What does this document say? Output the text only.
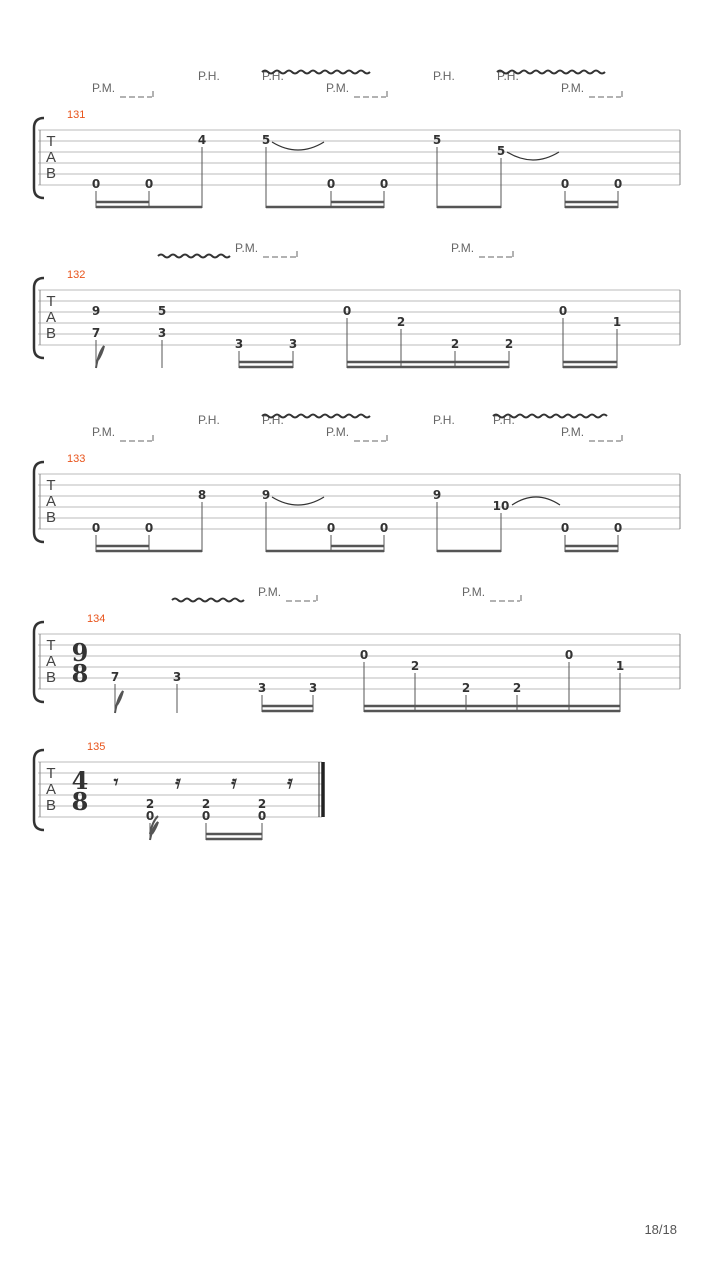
131
P.M.
P.H.	P.H.
P.M.
P.H.	P.H.
P.M.
T
A
B
0	0
4	5
0	0
5
5
0	0
132
P.M.	P.M.
T
A
B
9
7
5
3
3	3
0
2
2	2
0
1
133
P.M.
P.H.	P.H.
P.M.
P.H.	P.H.
P.M.
T
A
B
0	0
8	9
0	0
9
10
0	0
134
P.M.	P.M.
T
A
B
9
8 7	3
3	3
0
2
2	2
0
1
135
T
A
B
4
8
𝄾	𝄿	𝄿	𝄿
2
0
2
0
2
0
18/18
